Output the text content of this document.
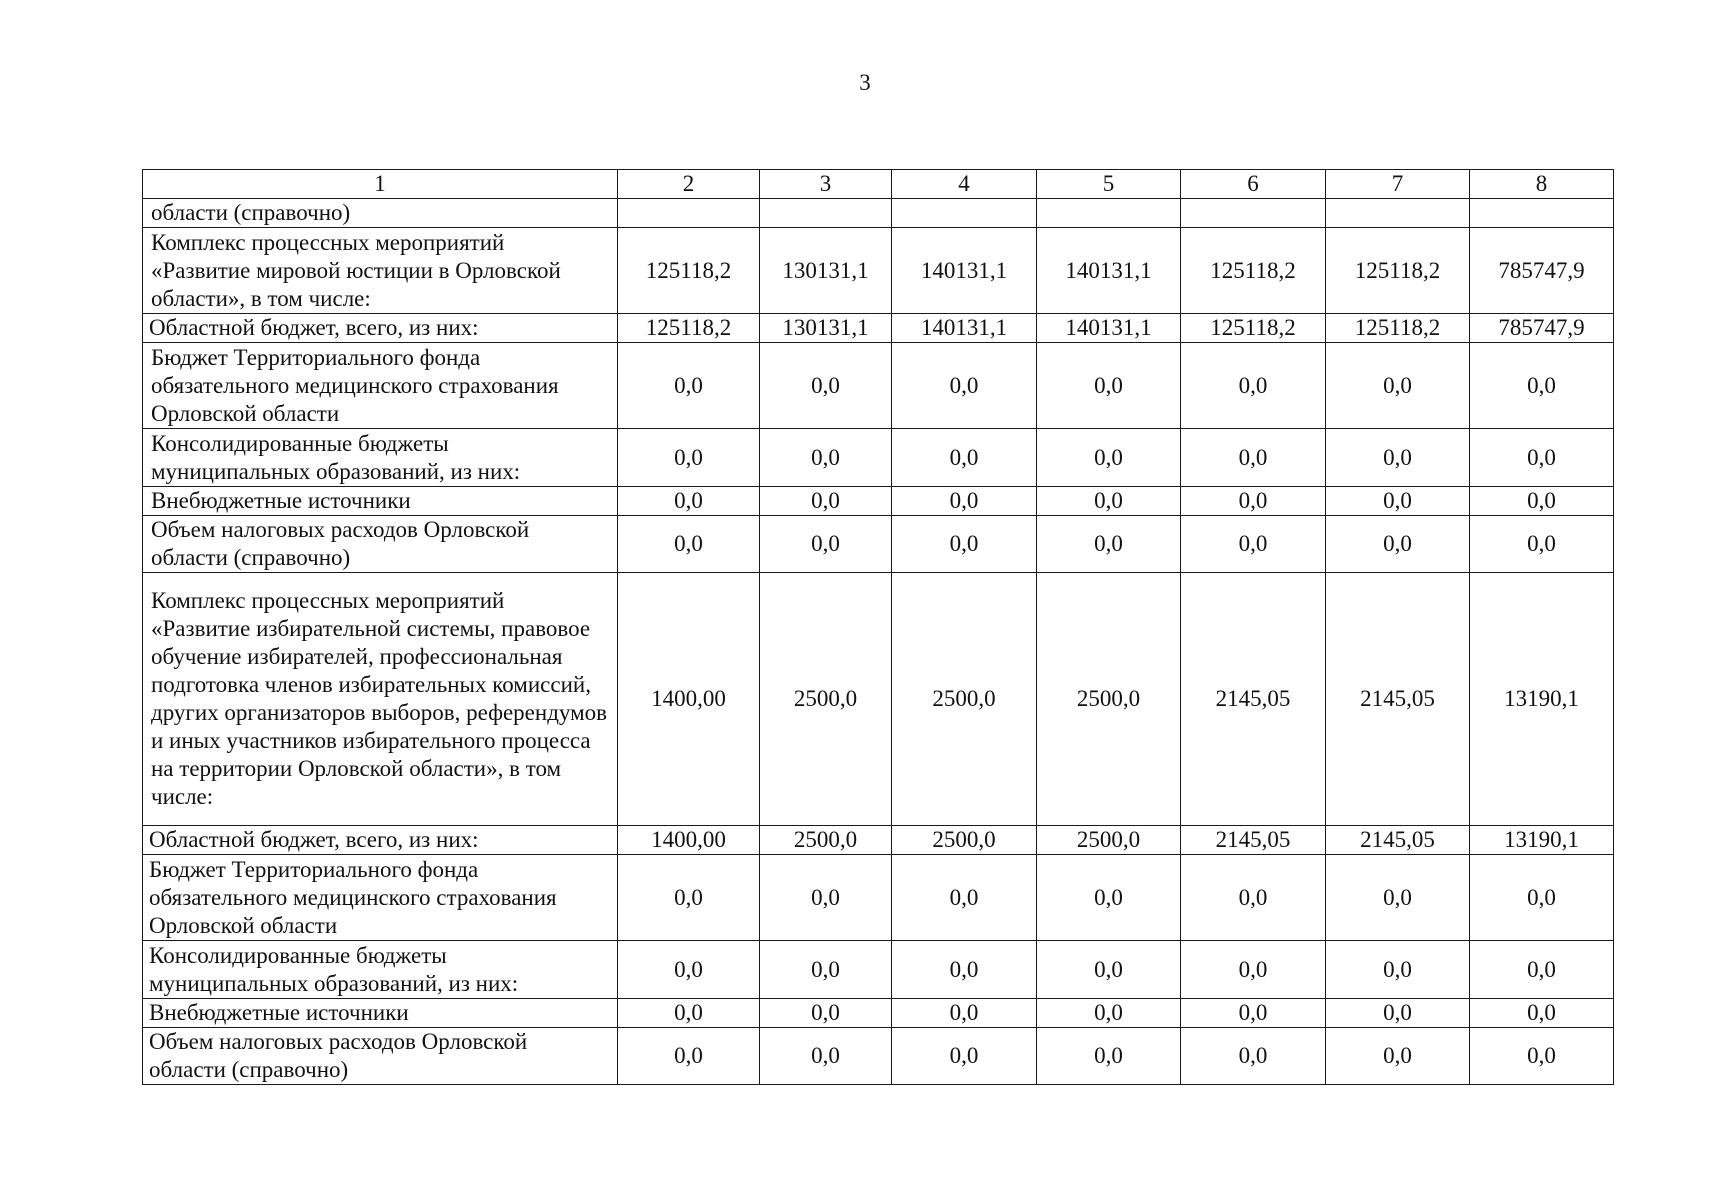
3
1	2	3	4	5	6	7	8
области (справочно)							
Комплекс процессных мероприятий «Развитие мировой юстиции в Орловской области», в том числе:	125118,2	130131,1	140131,1	140131,1	125118,2	125118,2	785747,9
Областной бюджет, всего, из них:	125118,2	130131,1	140131,1	140131,1	125118,2	125118,2	785747,9
Бюджет Территориального фонда обязательного медицинского страхования Орловской области	0,0	0,0	0,0	0,0	0,0	0,0	0,0
Консолидированные бюджеты муниципальных образований, из них:	0,0	0,0	0,0	0,0	0,0	0,0	0,0
Внебюджетные источники	0,0	0,0	0,0	0,0	0,0	0,0	0,0
Объем налоговых расходов Орловской области (справочно)	0,0	0,0	0,0	0,0	0,0	0,0	0,0
Комплекс процессных мероприятий «Развитие избирательной системы, правовое обучение избирателей, профессиональная подготовка членов избирательных комиссий, других организаторов выборов, референдумов и иных участников избирательного процесса на территории Орловской области», в том числе:	1400,00	2500,0	2500,0	2500,0	2145,05	2145,05	13190,1
Областной бюджет, всего, из них:	1400,00	2500,0	2500,0	2500,0	2145,05	2145,05	13190,1
Бюджет Территориального фонда обязательного медицинского страхования Орловской области	0,0	0,0	0,0	0,0	0,0	0,0	0,0
Консолидированные бюджеты муниципальных образований, из них:	0,0	0,0	0,0	0,0	0,0	0,0	0,0
Внебюджетные источники	0,0	0,0	0,0	0,0	0,0	0,0	0,0
Объем налоговых расходов Орловской области (справочно)	0,0	0,0	0,0	0,0	0,0	0,0	0,0
